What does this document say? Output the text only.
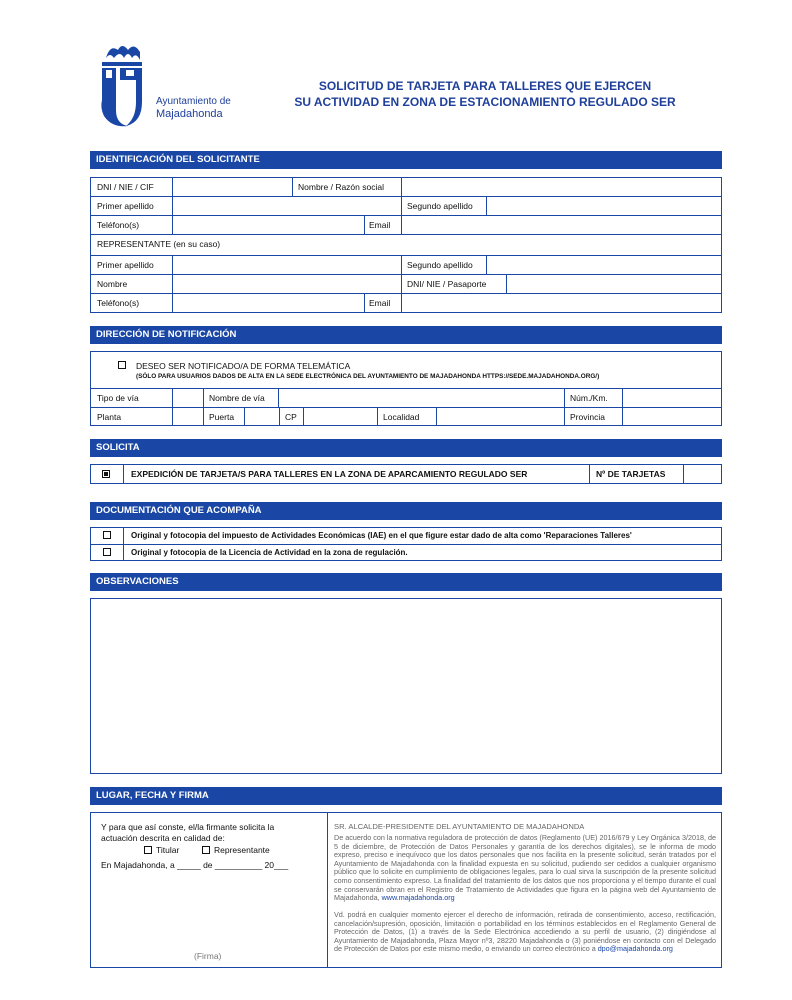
Ayuntamiento de
Majadahonda
SOLICITUD DE TARJETA PARA TALLERES QUE EJERCEN
SU ACTIVIDAD EN ZONA DE ESTACIONAMIENTO REGULADO SER
IDENTIFICACIÓN DEL SOLICITANTE
DNI / NIE / CIF	Nombre / Razón social
Primer apellido	Segundo apellido
Teléfono(s)	Email
REPRESENTANTE (en su caso)
Primer apellido	Segundo apellido
Nombre	DNI/ NIE / Pasaporte
Teléfono(s)	Email
DIRECCIÓN DE NOTIFICACIÓN
DESEO SER NOTIFICADO/A DE FORMA TELEMÁTICA
(SÓLO PARA USUARIOS DADOS DE ALTA EN LA SEDE ELECTRÓNICA DEL AYUNTAMIENTO DE MAJADAHONDA HTTPS://SEDE.MAJADAHONDA.ORG/)
Tipo de vía	Nombre de vía	Núm./Km.
Planta	Puerta	CP	Localidad	Provincia
SOLICITA
EXPEDICIÓN DE TARJETA/S PARA TALLERES EN LA ZONA DE APARCAMIENTO REGULADO SER	Nº DE TARJETAS
DOCUMENTACIÓN QUE ACOMPAÑA
Original y fotocopia del impuesto de Actividades Económicas (IAE) en el que figure estar dado de alta como 'Reparaciones Talleres'
Original y fotocopia de la Licencia de Actividad en la zona de regulación.
OBSERVACIONES
LUGAR, FECHA Y FIRMA
Y para que así conste, el/la firmante solicita la
actuación descrita en calidad de:
Titular	Representante
En Majadahonda, a _____ de __________ 20___
(Firma)
SR. ALCALDE-PRESIDENTE DEL AYUNTAMIENTO DE MAJADAHONDA
De acuerdo con la normativa reguladora de protección de datos (Reglamento (UE) 2016/679 y Ley Orgánica 3/2018, de 5 de diciembre, de Protección de Datos Personales y garantía de los derechos digitales), se le informa de modo expreso, preciso e inequívoco que los datos personales que nos facilita en la presente solicitud, serán tratados por el Ayuntamiento de Majadahonda con la finalidad expuesta en su solicitud, pudiendo ser cedidos a cualquier organismo público que lo solicite en cumplimiento de obligaciones legales, para lo cual sirva la suscripción de la presente solicitud como consentimiento expreso. La finalidad del tratamiento de los datos que nos proporciona y el tiempo durante el cual se conservarán obran en el Registro de Tratamiento de Actividades que figura en la página web del Ayuntamiento de Majadahonda, www.majadahonda.org
Vd. podrá en cualquier momento ejercer el derecho de información, retirada de consentimiento, acceso, rectificación, cancelación/supresión, oposición, limitación o portabilidad en los términos establecidos en el Reglamento General de Protección de Datos, (1) a través de la Sede Electrónica accediendo a su perfil de usuario, (2) dirigiéndose al Ayuntamiento de Majadahonda, Plaza Mayor nº3, 28220 Majadahonda o (3) poniéndose en contacto con el Delegado de Protección de Datos por este mismo medio, o enviando un correo electrónico a dpo@majadahonda.org
